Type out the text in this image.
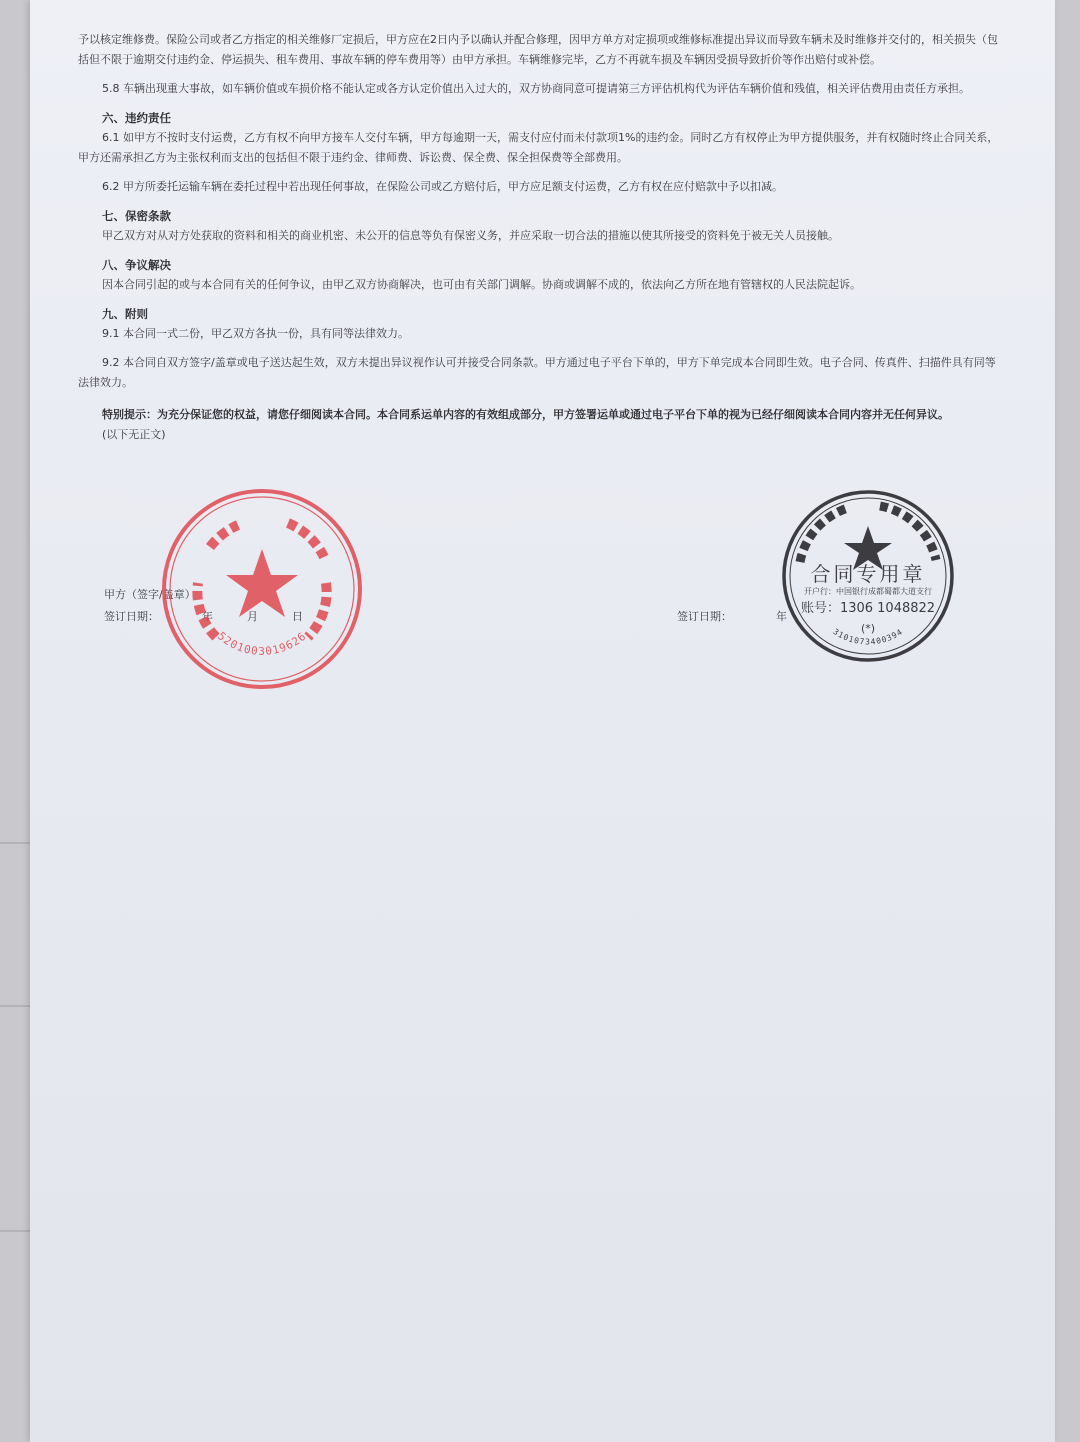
予以核定维修费。保险公司或者乙方指定的相关维修厂定损后，甲方应在2日内予以确认并配合修理，因甲方单方对定损项或维修标准提出异议而导致车辆未及时维修并交付的，相关损失（包括但不限于逾期交付违约金、停运损失、租车费用、事故车辆的停车费用等）由甲方承担。车辆维修完毕，乙方不再就车损及车辆因受损导致折价等作出赔付或补偿。

5.8 车辆出现重大事故，如车辆价值或车损价格不能认定或各方认定价值出入过大的，双方协商同意可提请第三方评估机构代为评估车辆价值和残值，相关评估费用由责任方承担。

六、违约责任

6.1 如甲方不按时支付运费，乙方有权不向甲方接车人交付车辆，甲方每逾期一天，需支付应付而未付款项1%的违约金。同时乙方有权停止为甲方提供服务，并有权随时终止合同关系，甲方还需承担乙方为主张权利而支出的包括但不限于违约金、律师费、诉讼费、保全费、保全担保费等全部费用。

6.2 甲方所委托运输车辆在委托过程中若出现任何事故，在保险公司或乙方赔付后，甲方应足额支付运费，乙方有权在应付赔款中予以扣减。

七、保密条款

甲乙双方对从对方处获取的资料和相关的商业机密、未公开的信息等负有保密义务，并应采取一切合法的措施以使其所接受的资料免于被无关人员接触。

八、争议解决

因本合同引起的或与本合同有关的任何争议，由甲乙双方协商解决，也可由有关部门调解。协商或调解不成的，依法向乙方所在地有管辖权的人民法院起诉。

九、附则

9.1 本合同一式二份，甲乙双方各执一份，具有同等法律效力。

9.2 本合同自双方签字/盖章或电子送达起生效，双方未提出异议视作认可并接受合同条款。甲方通过电子平台下单的，甲方下单完成本合同即生效。电子合同、传真件、扫描件具有同等法律效力。

特别提示：为充分保证您的权益，请您仔细阅读本合同。本合同系运单内容的有效组成部分，甲方签署运单或通过电子平台下单的视为已经仔细阅读本合同内容并无任何异议。

(以下无正文)

甲方（签字/盖章）
签订日期：	年	月	日	签订日期：	年
5201003019626
合同专用章
开户行：中国银行成都蜀都大道支行
账号：1306 1048822
(*)
3101073400394
